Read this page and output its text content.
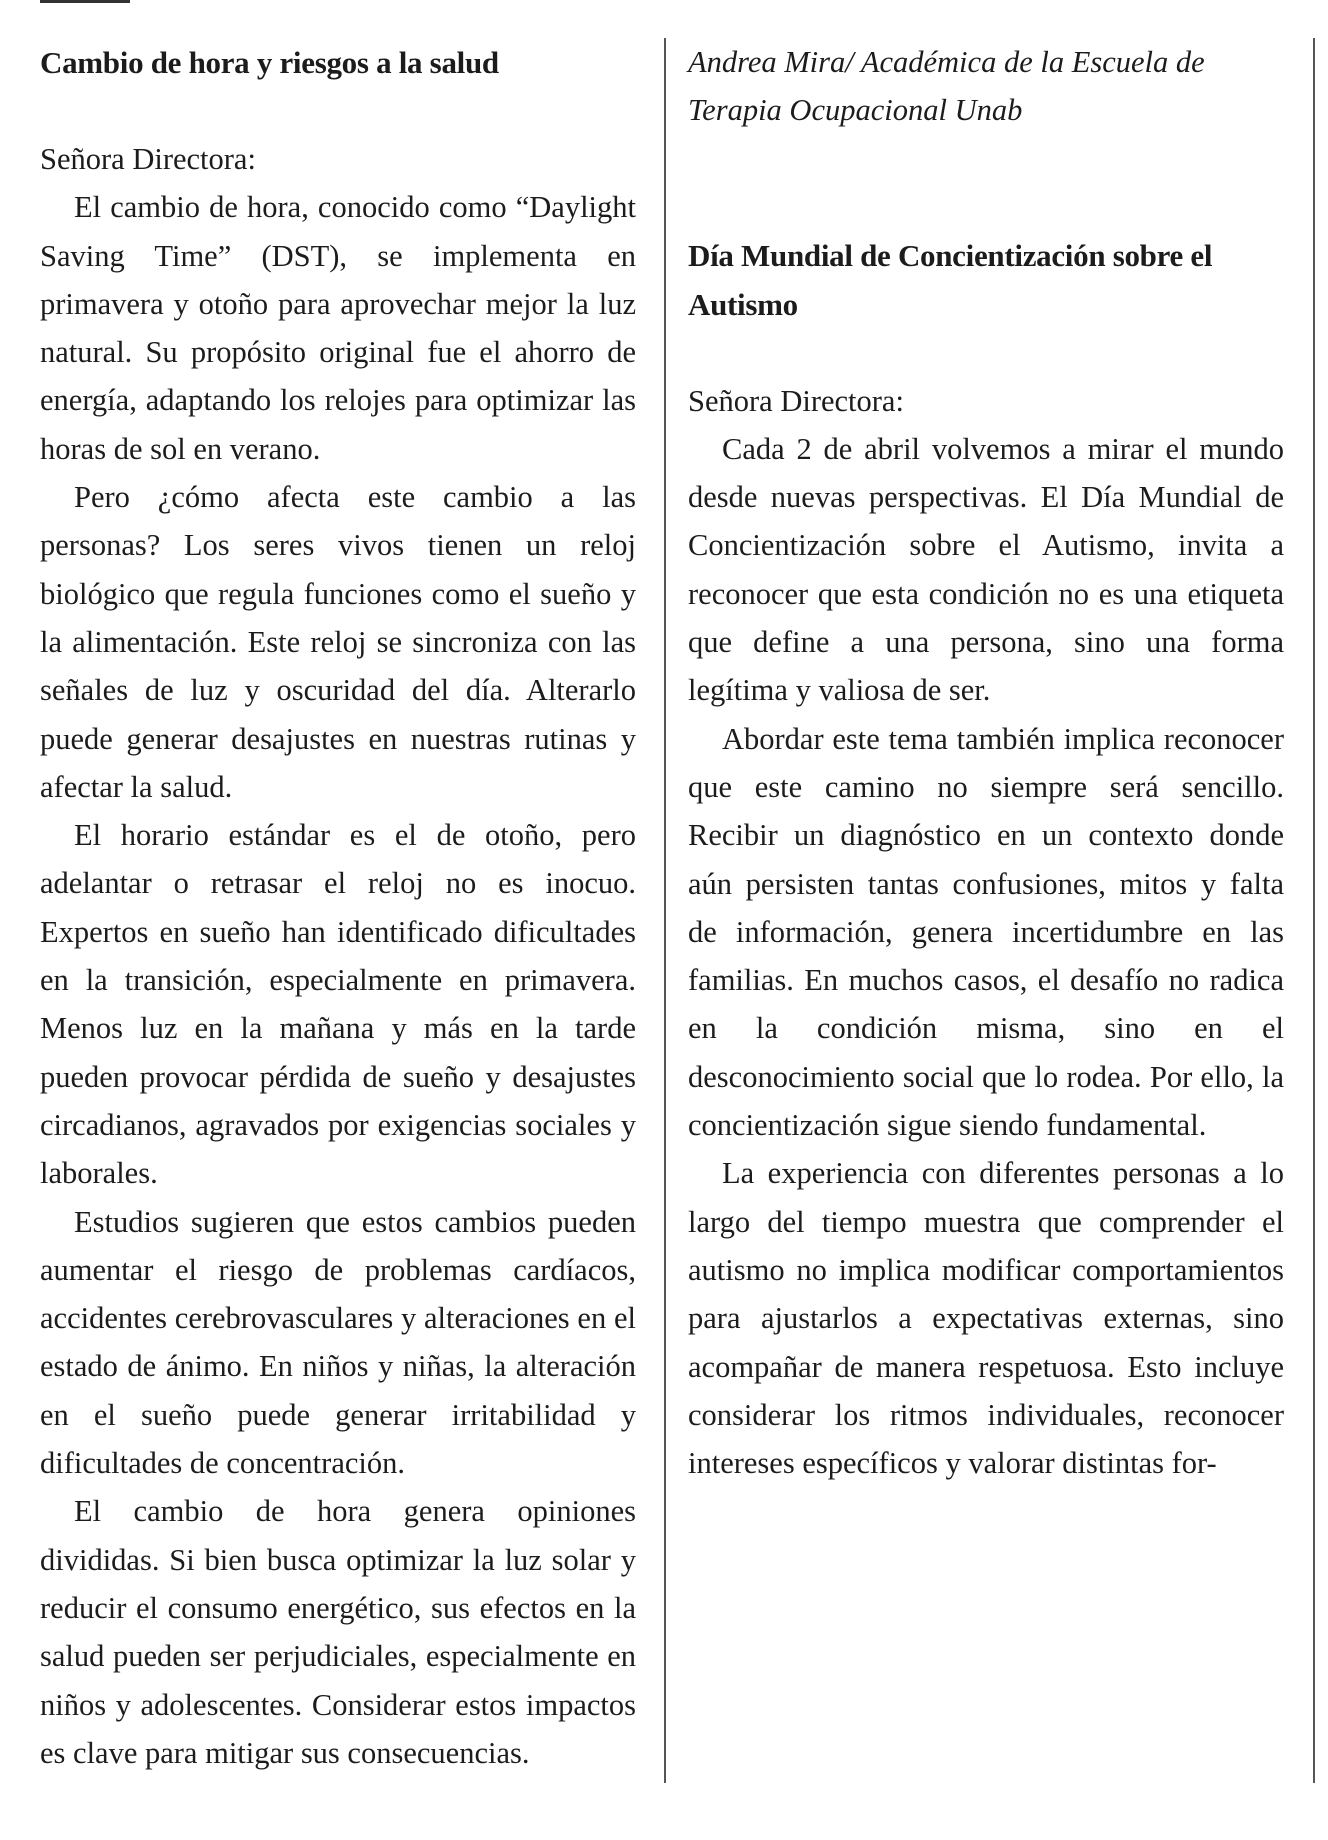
Cambio de hora y riesgos a la salud

Señora Directora:

El cambio de hora, conocido como “Daylight Saving Time” (DST), se implementa en primavera y otoño para aprovechar mejor la luz natural. Su propósito original fue el ahorro de energía, adaptando los relojes para optimizar las horas de sol en verano.

Pero ¿cómo afecta este cambio a las personas? Los seres vivos tienen un reloj biológico que regula funciones como el sueño y la alimentación. Este reloj se sincroniza con las señales de luz y oscuridad del día. Alterarlo puede generar desajustes en nuestras rutinas y afectar la salud.

El horario estándar es el de otoño, pero adelantar o retrasar el reloj no es inocuo. Expertos en sueño han identificado dificultades en la transición, especialmente en primavera. Menos luz en la mañana y más en la tarde pueden provocar pérdida de sueño y desajustes circadianos, agravados por exigencias sociales y laborales.

Estudios sugieren que estos cambios pueden aumentar el riesgo de problemas cardíacos, accidentes cerebrovasculares y alteraciones en el estado de ánimo. En niños y niñas, la alteración en el sueño puede generar irritabilidad y dificultades de concentración.

El cambio de hora genera opiniones divididas. Si bien busca optimizar la luz solar y reducir el consumo energético, sus efectos en la salud pueden ser perjudiciales, especialmente en niños y adolescentes. Considerar estos impactos es clave para mitigar sus consecuencias.

Andrea Mira/ Académica de la Escuela de Terapia Ocupacional Unab

Día Mundial de Concientización sobre el Autismo

Señora Directora:

Cada 2 de abril volvemos a mirar el mundo desde nuevas perspectivas. El Día Mundial de Concientización sobre el Autismo, invita a reconocer que esta condición no es una etiqueta que define a una persona, sino una forma legítima y valiosa de ser.

Abordar este tema también implica reconocer que este camino no siempre será sencillo. Recibir un diagnóstico en un contexto donde aún persisten tantas confusiones, mitos y falta de información, genera incertidumbre en las familias. En muchos casos, el desafío no radica en la condición misma, sino en el desconocimiento social que lo rodea. Por ello, la concientización sigue siendo fundamental.

La experiencia con diferentes personas a lo largo del tiempo muestra que comprender el autismo no implica modificar comportamientos para ajustarlos a expectativas externas, sino acompañar de manera respetuosa. Esto incluye considerar los ritmos individuales, reconocer intereses específicos y valorar distintas for-
